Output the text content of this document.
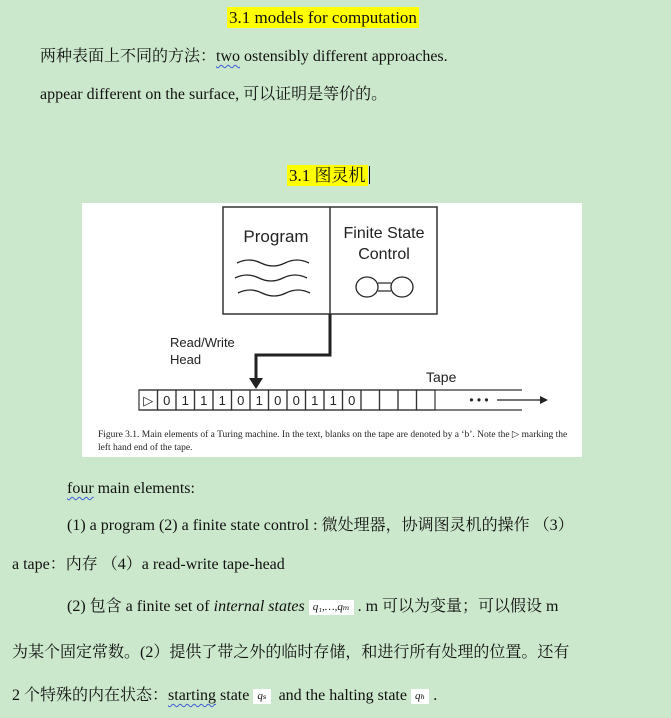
3.1 models for computation
两种表面上不同的方法：two ostensibly different approaches.
appear different on the surface, 可以证明是等价的。
3.1 图灵机
Program Finite State
Control
Read/Write
Head
Tape
▷ 0 1 1 1 0 1 0 0 1 1 0	• • •
Figure 3.1. Main elements of a Turing machine. In the text, blanks on the tape are denoted by a ‘b’. Note the ▷ marking the left hand end of the tape.
four main elements:
(1) a program (2) a finite state control : 微处理器，协调图灵机的操作 （3）
a tape：内存 （4）a read-write tape-head
(2) 包含 a finite set of internal states q₁,…,qₘ . m 可以为变量；可以假设 m
为某个固定常数。(2）提供了带之外的临时存储，和进行所有处理的位置。还有
2 个特殊的内在状态：starting state qₛ and the halting state qₕ .
